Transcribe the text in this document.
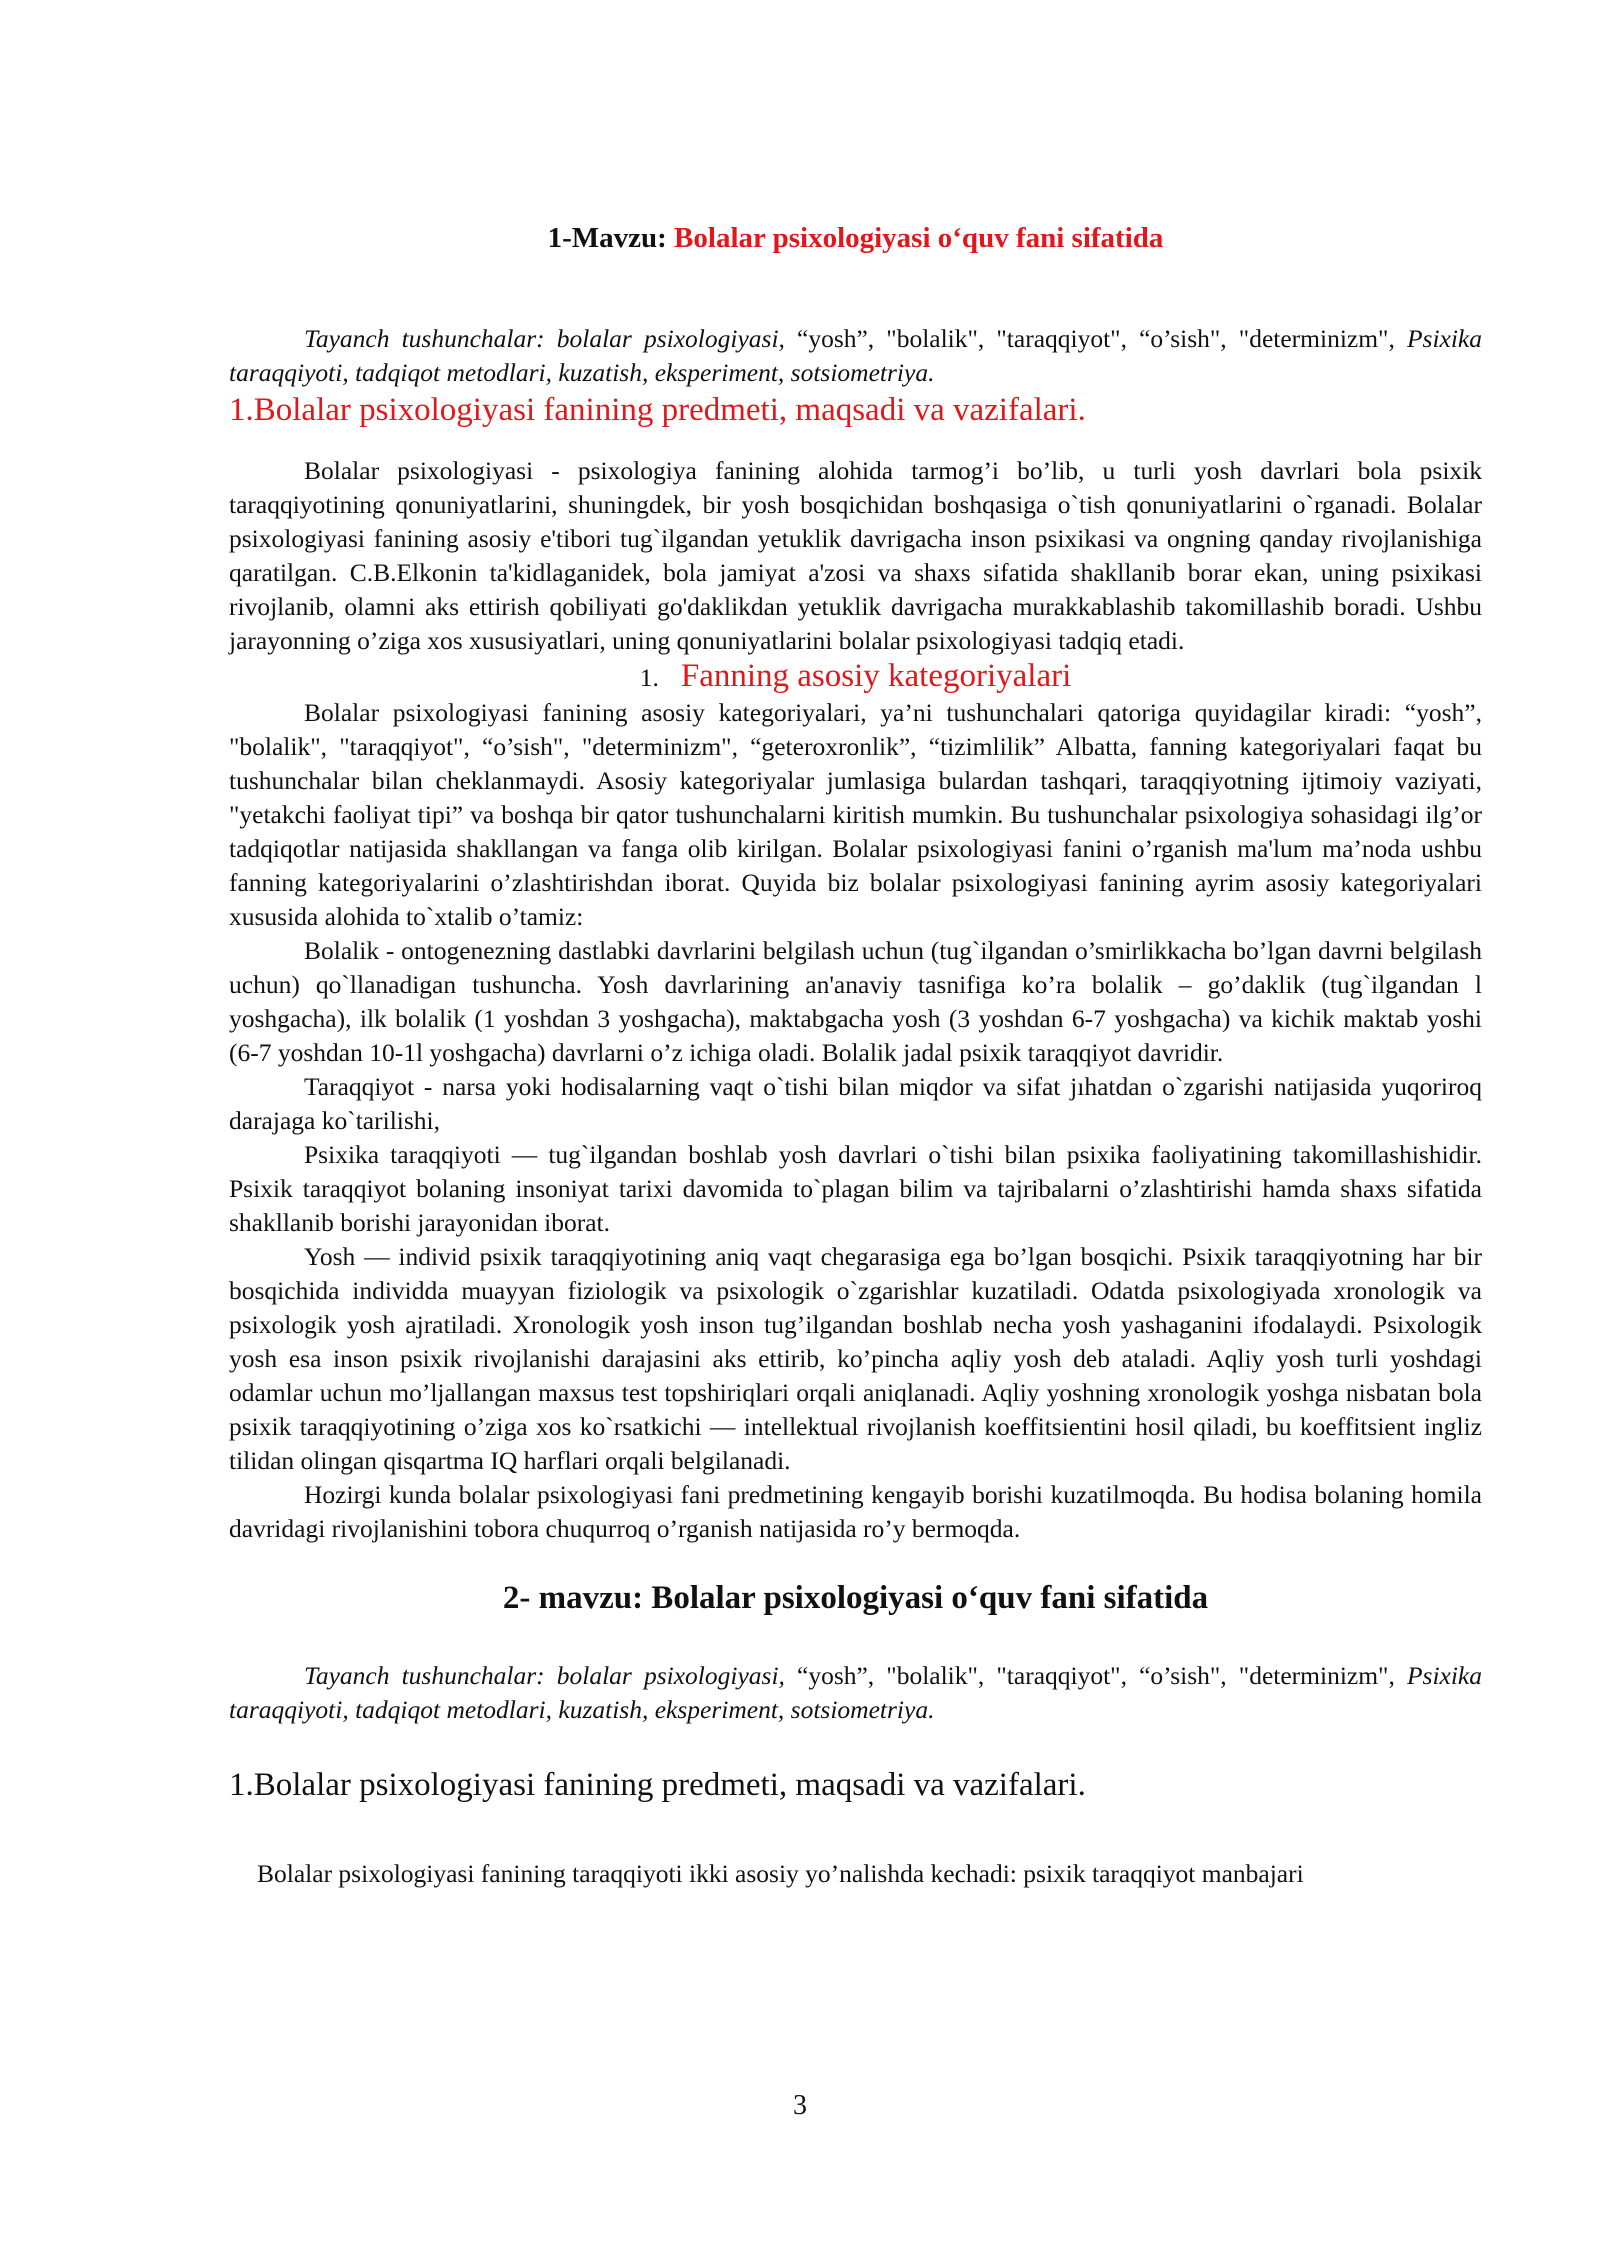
1-Mavzu: Bolalar psixologiyasi o‘quv fani sifatida

Tayanch tushunchalar: bolalar psixologiyasi, “yosh”, "bolalik", "taraqqiyot", “o’sish", "determinizm", Psixika taraqqiyoti, tadqiqot metodlari, kuzatish, eksperiment, sotsiometriya.

1.Bolalar psixologiyasi fanining predmeti, maqsadi va vazifalari.

Bolalar psixologiyasi - psixologiya fanining alohida tarmog’i bo’lib, u turli yosh davrlari bola psixik taraqqiyotining qonuniyatlarini, shuningdek, bir yosh bosqichidan boshqasiga o`tish qonuniyatlarini o`rganadi. Bolalar psixologiyasi fanining asosiy e'tibori tug`ilgandan yetuklik davrigacha inson psixikasi va ongning qanday rivojlanishiga qaratilgan. C.B.Elkonin ta'kidlaganidek, bola jamiyat a'zosi va shaxs sifatida shakllanib borar ekan, uning psixikasi rivojlanib, olamni aks ettirish qobiliyati go'daklikdan yetuklik davrigacha murakkablashib takomillashib boradi. Ushbu jarayonning o’ziga xos xususiyatlari, uning qonuniyatlarini bolalar psixologiyasi tadqiq etadi.

1. Fanning asosiy kategoriyalari

Bolalar psixologiyasi fanining asosiy kategoriyalari, ya’ni tushunchalari qatoriga quyidagilar kiradi: “yosh”, "bolalik", "taraqqiyot", “o’sish", "determinizm", “geteroxronlik”, “tizimlilik” Albatta, fanning kategoriyalari faqat bu tushunchalar bilan cheklanmaydi. Asosiy kategoriyalar jumlasiga bulardan tashqari, taraqqiyotning ijtimoiy vaziyati, "yetakchi faoliyat tipi” va boshqa bir qator tushunchalarni kiritish mumkin. Bu tushunchalar psixologiya sohasidagi ilg’or tadqiqotlar natijasida shakllangan va fanga olib kirilgan. Bolalar psixologiyasi fanini o’rganish ma'lum ma’noda ushbu fanning kategoriyalarini o’zlashtirishdan iborat. Quyida biz bolalar psixologiyasi fanining ayrim asosiy kategoriyalari xususida alohida to`xtalib o’tamiz:

Bolalik - ontogenezning dastlabki davrlarini belgilash uchun (tug`ilgandan o’smirlikkacha bo’lgan davrni belgilash uchun) qo`llanadigan tushuncha. Yosh davrlarining an'anaviy tasnifiga ko’ra bolalik – go’daklik (tug`ilgandan l yoshgacha), ilk bolalik (1 yoshdan 3 yoshgacha), maktabgacha yosh (3 yoshdan 6-7 yoshgacha) va kichik maktab yoshi (6-7 yoshdan 10-1l yoshgacha) davrlarni o’z ichiga oladi. Bolalik jadal psixik taraqqiyot davridir.

Taraqqiyot - narsa yoki hodisalarning vaqt o`tishi bilan miqdor va sifat jıhatdan o`zgarishi natijasida yuqoriroq darajaga ko`tarilishi,

Psixika taraqqiyoti — tug`ilgandan boshlab yosh davrlari o`tishi bilan psixika faoliyatining takomillashishidir. Psixik taraqqiyot bolaning insoniyat tarixi davomida to`plagan bilim va tajribalarni o’zlashtirishi hamda shaxs sifatida shakllanib borishi jarayonidan iborat.

Yosh — individ psixik taraqqiyotining aniq vaqt chegarasiga ega bo’lgan bosqichi. Psixik taraqqiyotning har bir bosqichida individda muayyan fiziologik va psixologik o`zgarishlar kuzatiladi. Odatda psixologiyada xronologik va psixologik yosh ajratiladi. Xronologik yosh inson tug’ilgandan boshlab necha yosh yashaganini ifodalaydi. Psixologik yosh esa inson psixik rivojlanishi darajasini aks ettirib, ko’pincha aqliy yosh deb ataladi. Aqliy yosh turli yoshdagi odamlar uchun mo’ljallangan maxsus test topshiriqlari orqali aniqlanadi. Aqliy yoshning xronologik yoshga nisbatan bola psixik taraqqiyotining o’ziga xos ko`rsatkichi — intellektual rivojlanish koeffitsientini hosil qiladi, bu koeffitsient ingliz tilidan olingan qisqartma IQ harflari orqali belgilanadi.

Hozirgi kunda bolalar psixologiyasi fani predmetining kengayib borishi kuzatilmoqda. Bu hodisa bolaning homila davridagi rivojlanishini tobora chuqurroq o’rganish natijasida ro’y bermoqda.

2- mavzu: Bolalar psixologiyasi o‘quv fani sifatida

Tayanch tushunchalar: bolalar psixologiyasi, “yosh”, "bolalik", "taraqqiyot", “o’sish", "determinizm", Psixika taraqqiyoti, tadqiqot metodlari, kuzatish, eksperiment, sotsiometriya.

1.Bolalar psixologiyasi fanining predmeti, maqsadi va vazifalari.

Bolalar psixologiyasi fanining taraqqiyoti ikki asosiy yo’nalishda kechadi: psixik taraqqiyot manbajari

3
